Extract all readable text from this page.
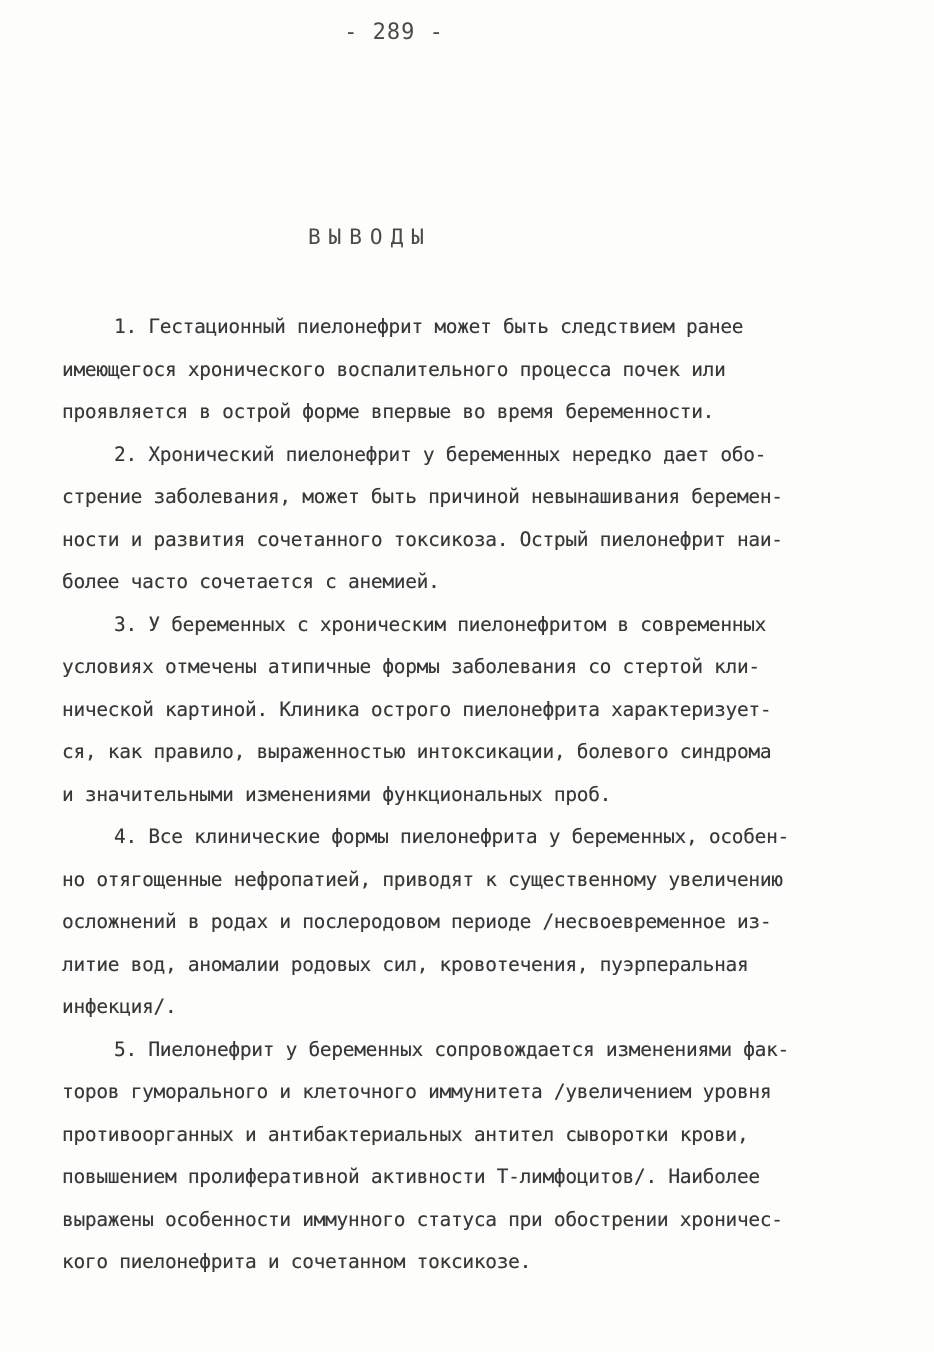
- 289 -
ВЫВОДЫ
1. Гестационный пиелонефрит может быть следствием ранее
имеющегося хронического воспалительного процесса почек или
проявляется в острой форме впервые во время беременности.
2. Хронический пиелонефрит у беременных нередко дает обо-
стрение заболевания, может быть причиной невынашивания беремен-
ности и развития сочетанного токсикоза. Острый пиелонефрит наи-
более часто сочетается с анемией.
3. У беременных с хроническим пиелонефритом в современных
условиях отмечены атипичные формы заболевания со стертой кли-
нической картиной. Клиника острого пиелонефрита характеризует-
ся, как правило, выраженностью интоксикации, болевого синдрома
и значительными изменениями функциональных проб.
4. Все клинические формы пиелонефрита у беременных, особен-
но отягощенные нефропатией, приводят к существенному увеличению
осложнений в родах и послеродовом периоде /несвоевременное из-
литие вод, аномалии родовых сил, кровотечения, пуэрперальная
инфекция/.
5. Пиелонефрит у беременных сопровождается изменениями фак-
торов гуморального и клеточного иммунитета /увеличением уровня
противоорганных и антибактериальных антител сыворотки крови,
повышением пролиферативной активности Т-лимфоцитов/. Наиболее
выражены особенности иммунного статуса при обострении хроничес-
кого пиелонефрита и сочетанном токсикозе.
